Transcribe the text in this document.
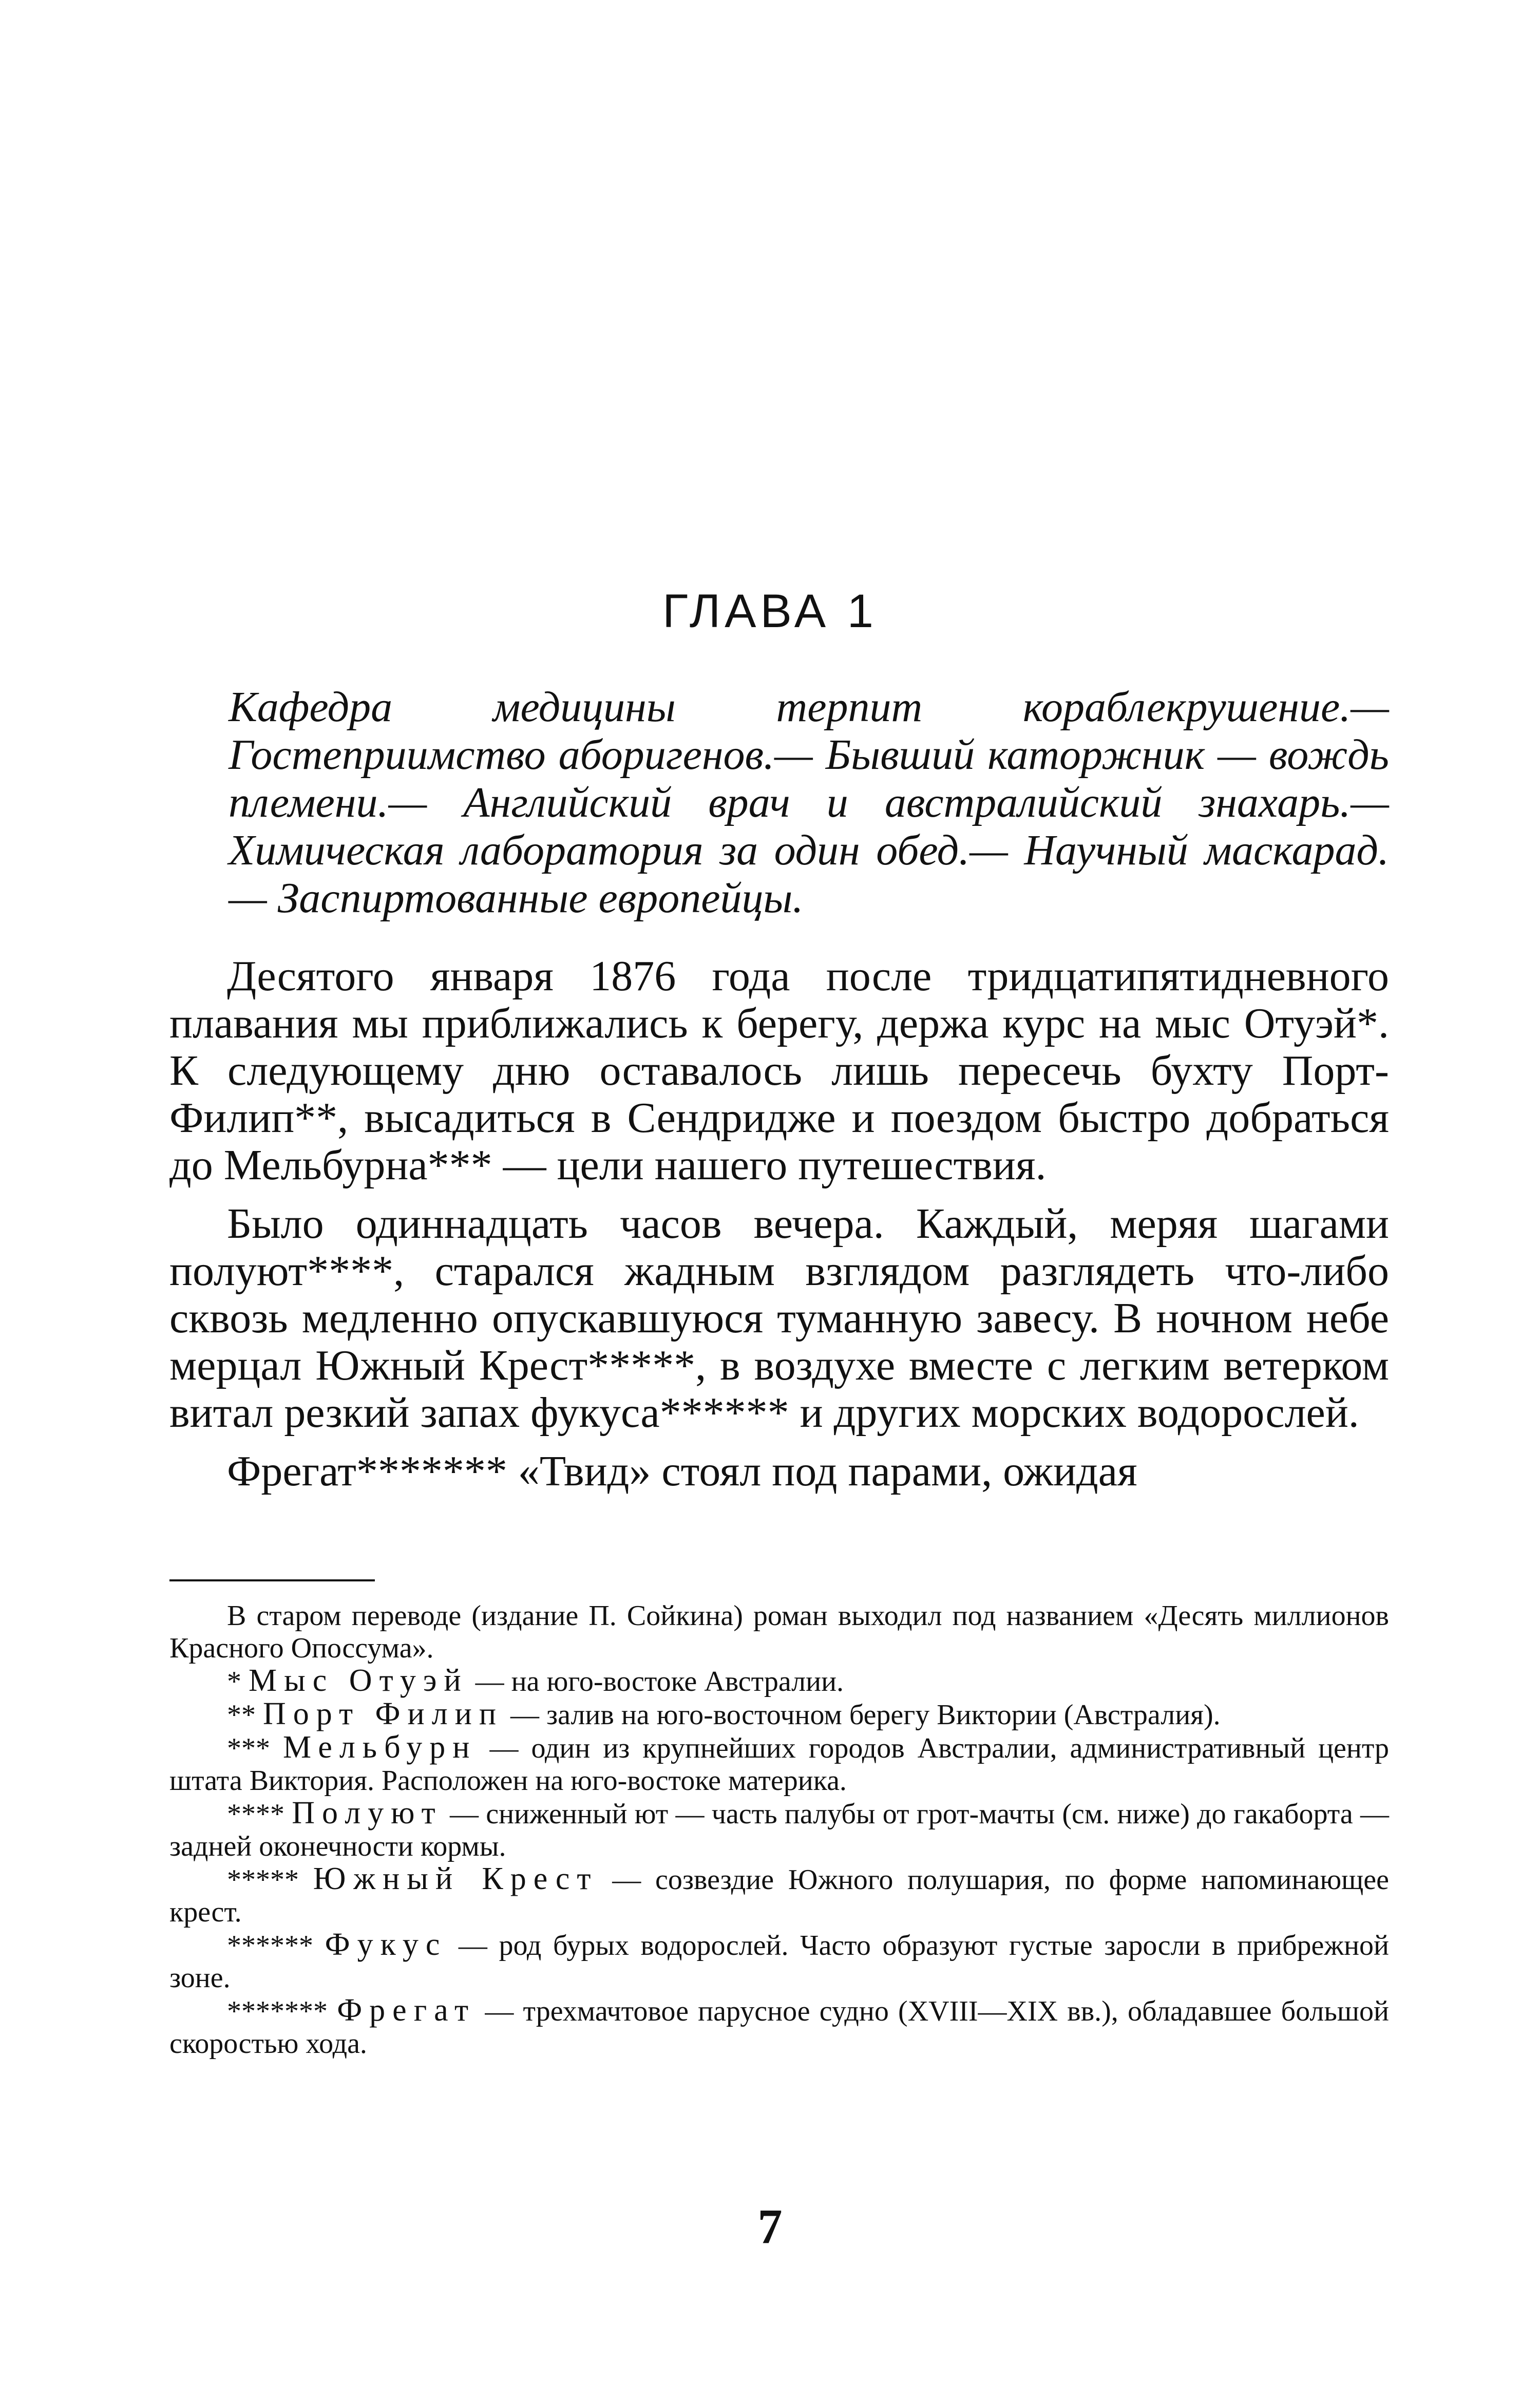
ГЛАВА 1
Кафедра медицины терпит кораблекрушение.— Гостеприимство аборигенов.— Бывший каторжник — вождь племени.— Английский врач и австралийский знахарь.— Химическая лаборатория за один обед.— Научный маскарад.— Заспиртованные европейцы.

Десятого января 1876 года после тридцатипятидневного плавания мы приближались к берегу, держа курс на мыс Отуэй*. К следующему дню оставалось лишь пересечь бухту Порт-Филип**, высадиться в Сендридже и поездом быстро добраться до Мельбурна*** — цели нашего путешествия.

Было одиннадцать часов вечера. Каждый, меряя шагами полуют****, старался жадным взглядом разглядеть что-либо сквозь медленно опускавшуюся туманную завесу. В ночном небе мерцал Южный Крест*****, в воздухе вместе с легким ветерком витал резкий запах фукуса****** и других морских водорослей.

Фрегат******* «Твид» стоял под парами, ожидая

В старом переводе (издание П. Сойкина) роман выходил под названием «Десять миллионов Красного Опоссума».

* Мыс Отуэй — на юго-востоке Австралии.

** Порт Филип — залив на юго-восточном берегу Виктории (Австралия).

*** Мельбурн — один из крупнейших городов Австралии, административный центр штата Виктория. Расположен на юго-востоке материка.

**** Полуют — сниженный ют — часть палубы от грот-мачты (см. ниже) до гакаборта — задней оконечности кормы.

***** Южный Крест — созвездие Южного полушария, по форме напоминающее крест.

****** Фукус — род бурых водорослей. Часто образуют густые заросли в прибрежной зоне.

******* Фрегат — трехмачтовое парусное судно (XVIII—XIX вв.), обладавшее большой скоростью хода.

7
